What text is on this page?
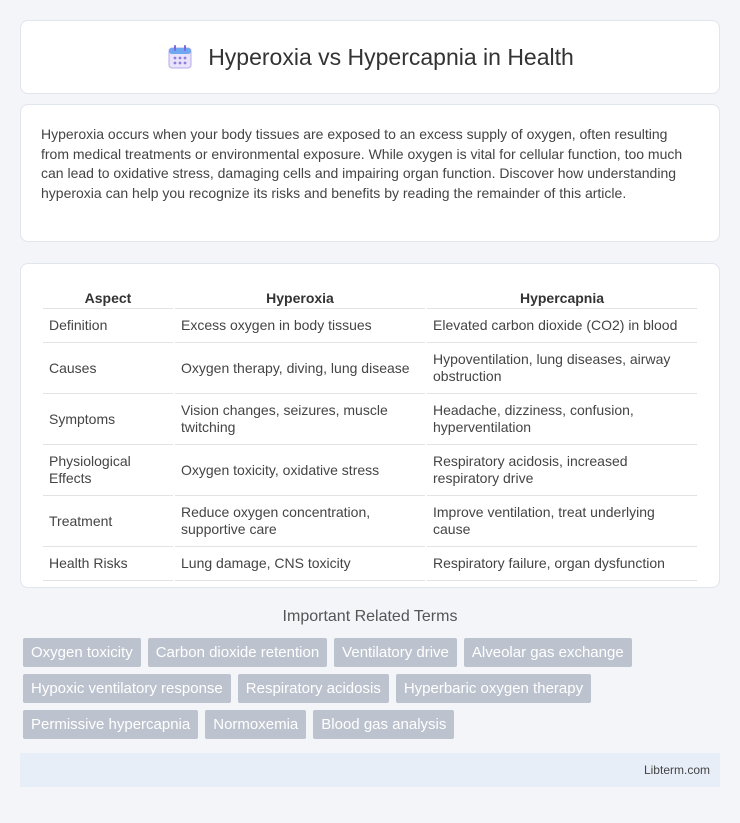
Hyperoxia vs Hypercapnia in Health

Hyperoxia occurs when your body tissues are exposed to an excess supply of oxygen, often resulting from medical treatments or environmental exposure. While oxygen is vital for cellular function, too much can lead to oxidative stress, damaging cells and impairing organ function. Discover how understanding hyperoxia can help you recognize its risks and benefits by reading the remainder of this article.

Aspect	Hyperoxia	Hypercapnia
Definition	Excess oxygen in body tissues	Elevated carbon dioxide (CO2) in blood
Causes	Oxygen therapy, diving, lung disease	Hypoventilation, lung diseases, airway obstruction
Symptoms	Vision changes, seizures, muscle twitching	Headache, dizziness, confusion, hyperventilation
Physiological Effects	Oxygen toxicity, oxidative stress	Respiratory acidosis, increased respiratory drive
Treatment	Reduce oxygen concentration, supportive care	Improve ventilation, treat underlying cause
Health Risks	Lung damage, CNS toxicity	Respiratory failure, organ dysfunction
Important Related Terms
Oxygen toxicity	Carbon dioxide retention	Ventilatory drive	Alveolar gas exchange
Hypoxic ventilatory response	Respiratory acidosis	Hyperbaric oxygen therapy
Permissive hypercapnia	Normoxemia	Blood gas analysis
Libterm.com
